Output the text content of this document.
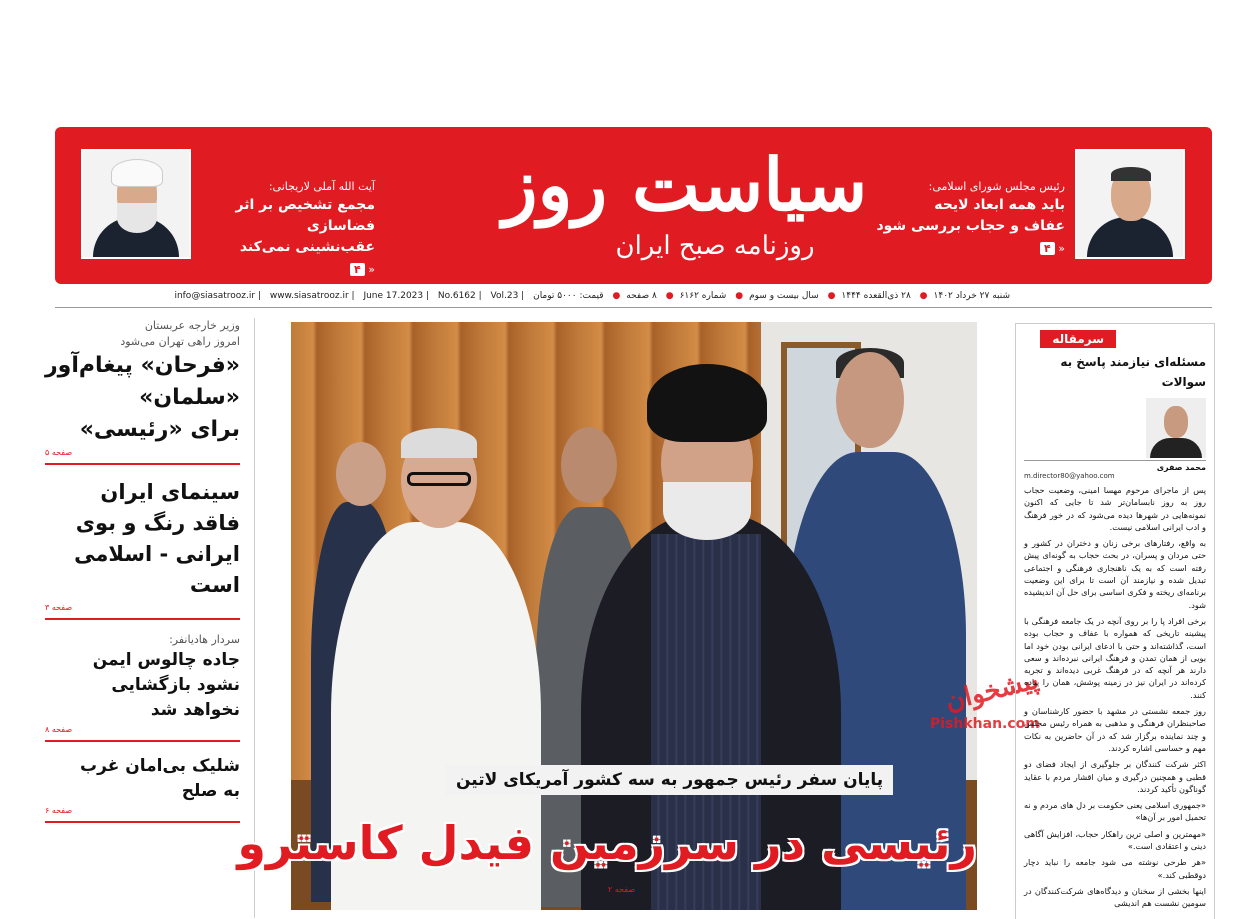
رئیس مجلس شورای اسلامی:
باید همه ابعاد لایحه
عفاف و حجاب بررسی شود
۴ »
سیاست روز
روزنامه صبح ایران
آیت الله آملی لاریجانی:
مجمع تشخیص بر اثر فضاسازی
عقب‌نشینی نمی‌کند
۴ »
شنبه ۲۷ خرداد ۱۴۰۲● ۲۸ ذی‌القعده ۱۴۴۴● سال بیست و سوم● شماره ۶۱۶۲● ۸ صفحه● قیمت: ۵۰۰۰ تومان | info@siasatrooz.ir | www.siasatrooz.ir | June 17.2023 | No.6162 | Vol.23
وزیر خارجه عربستان
امروز راهی تهران می‌شود
«فرحان» پیغام‌آور
«سلمان»
برای «رئیسی»
صفحه ۵
سینمای ایران
فاقد رنگ و بوی
ایرانی - اسلامی
است
صفحه ۳
سردار هادیانفر:
جاده چالوس ایمن
نشود بازگشایی
نخواهد شد
صفحه ۸
شلیک بی‌امان غرب
به صلح
صفحه ۶
پایان سفر رئیس جمهور به سه کشور آمریکای لاتین
رئیسی در سرزمین فیدل کاسترو
صفحه ۲
پیشخوان
Pishkhan.com
سرمقاله
مسئله‌ای نیازمند پاسخ به سوالات
محمد صفری
m.director80@yahoo.com

پس از ماجرای مرحوم مهسا امینی، وضعیت حجاب روز به روز نابسامان‌تر شد تا جایی که اکنون نمونه‌هایی در شهرها دیده می‌شود که در خور فرهنگ و ادب ایرانی اسلامی نیست.

به واقع، رفتارهای برخی زنان و دختران در کشور و حتی مردان و پسران، در بحث حجاب به گونه‌ای پیش رفته است که به یک ناهنجاری فرهنگی و اجتماعی تبدیل شده و نیازمند آن است تا برای این وضعیت برنامه‌ای ریخته و فکری اساسی برای حل آن اندیشیده شود.

برخی افراد پا را بر روی آنچه در یک جامعه فرهنگی با پیشینه تاریخی که همواره با عفاف و حجاب بوده است، گذاشته‌اند و حتی با ادعای ایرانی بودن خود اما بویی از همان تمدن و فرهنگ ایرانی نبرده‌اند و سعی دارند هر آنچه که در فرهنگ غربی دیده‌اند و تجربه کرده‌اند در ایران نیز در زمینه پوشش، همان را پیاده کنند.

روز جمعه نشستی در مشهد با حضور کارشناسان و صاحبنظران فرهنگی و مذهبی به همراه رئیس مجلس و چند نماینده برگزار شد که در آن حاضرین به نکات مهم و حساسی اشاره کردند.

اکثر شرکت کنندگان بر جلوگیری از ایجاد فضای دو قطبی و همچنین درگیری و میان اقشار مردم با عقاید گوناگون تأکید کردند.

«جمهوری اسلامی یعنی حکومت بر دل های مردم و نه تحمیل امور بر آن‌ها»

«مهمترین و اصلی ترین راهکار حجاب، افزایش آگاهی دینی و اعتقادی است.»

«هر طرحی نوشته می شود جامعه را نباید دچار دوقطبی کند.»

اینها بخشی از سخنان و دیدگاه‌های شرکت‌کنندگان در سومین نشست هم اندیشی
